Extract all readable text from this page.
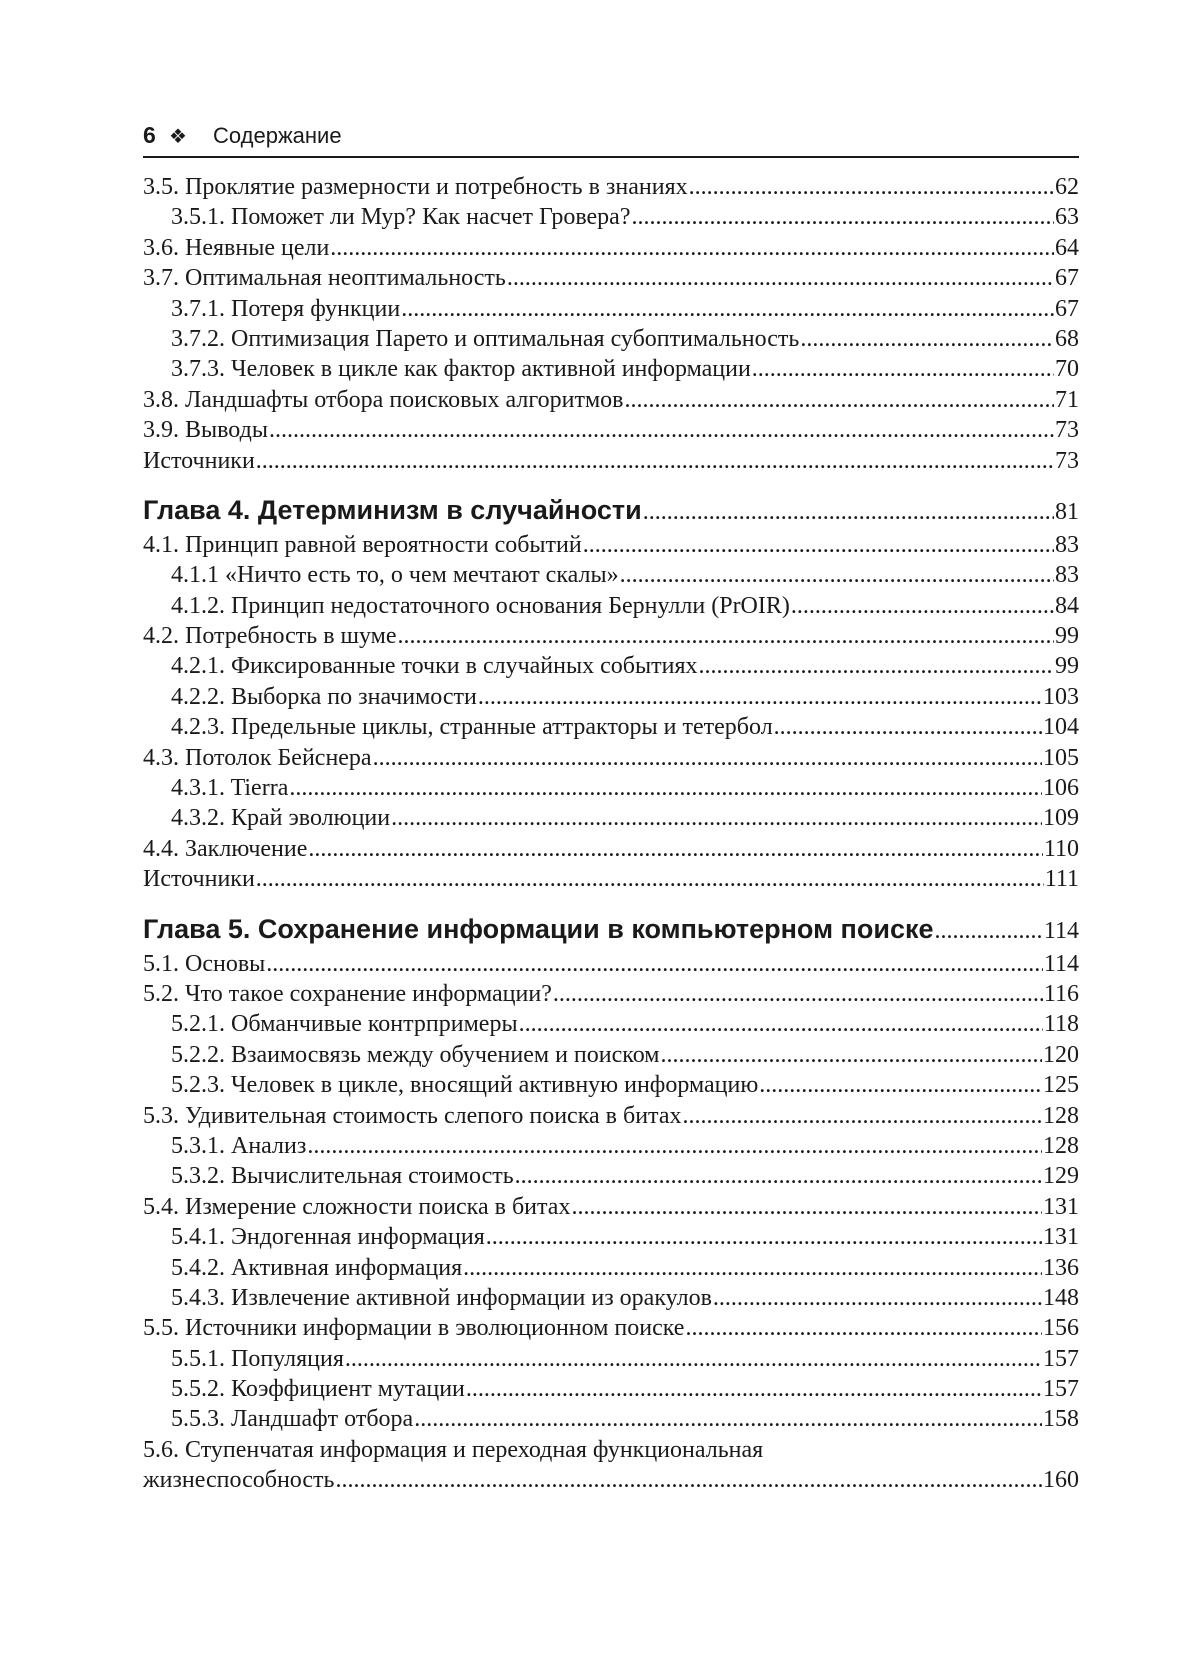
6 ❖	Содержание
3.5. Проклятие размерности и потребность в знаниях .....	62
3.5.1. Поможет ли Мур? Как насчет Гровера? .....	63
3.6. Неявные цели .....	64
3.7. Оптимальная неоптимальность .....	67
3.7.1. Потеря функции .....	67
3.7.2. Оптимизация Парето и оптимальная субоптимальность .....	68
3.7.3. Человек в цикле как фактор активной информации .....	70
3.8. Ландшафты отбора поисковых алгоритмов .....	71
3.9. Выводы .....	73
Источники .....	73
Глава 4. Детерминизм в случайности .....	81
4.1. Принцип равной вероятности событий .....	83
4.1.1 «Ничто есть то, о чем мечтают скалы» .....	83
4.1.2. Принцип недостаточного основания Бернулли (PrOIR) .....	84
4.2. Потребность в шуме .....	99
4.2.1. Фиксированные точки в случайных событиях .....	99
4.2.2. Выборка по значимости .....	103
4.2.3. Предельные циклы, странные аттракторы и тетербол .....	104
4.3. Потолок Бейснера .....	105
4.3.1. Tierra .....	106
4.3.2. Край эволюции .....	109
4.4. Заключение .....	110
Источники .....	111
Глава 5. Сохранение информации в компьютерном поиске .....	114
5.1. Основы .....	114
5.2. Что такое сохранение информации? .....	116
5.2.1. Обманчивые контрпримеры .....	118
5.2.2. Взаимосвязь между обучением и поиском .....	120
5.2.3. Человек в цикле, вносящий активную информацию .....	125
5.3. Удивительная стоимость слепого поиска в битах .....	128
5.3.1. Анализ .....	128
5.3.2. Вычислительная стоимость .....	129
5.4. Измерение сложности поиска в битах .....	131
5.4.1. Эндогенная информация .....	131
5.4.2. Активная информация .....	136
5.4.3. Извлечение активной информации из оракулов .....	148
5.5. Источники информации в эволюционном поиске .....	156
5.5.1. Популяция .....	157
5.5.2. Коэффициент мутации .....	157
5.5.3. Ландшафт отбора .....	158
5.6. Ступенчатая информация и переходная функциональная
жизнеспособность .....	160
